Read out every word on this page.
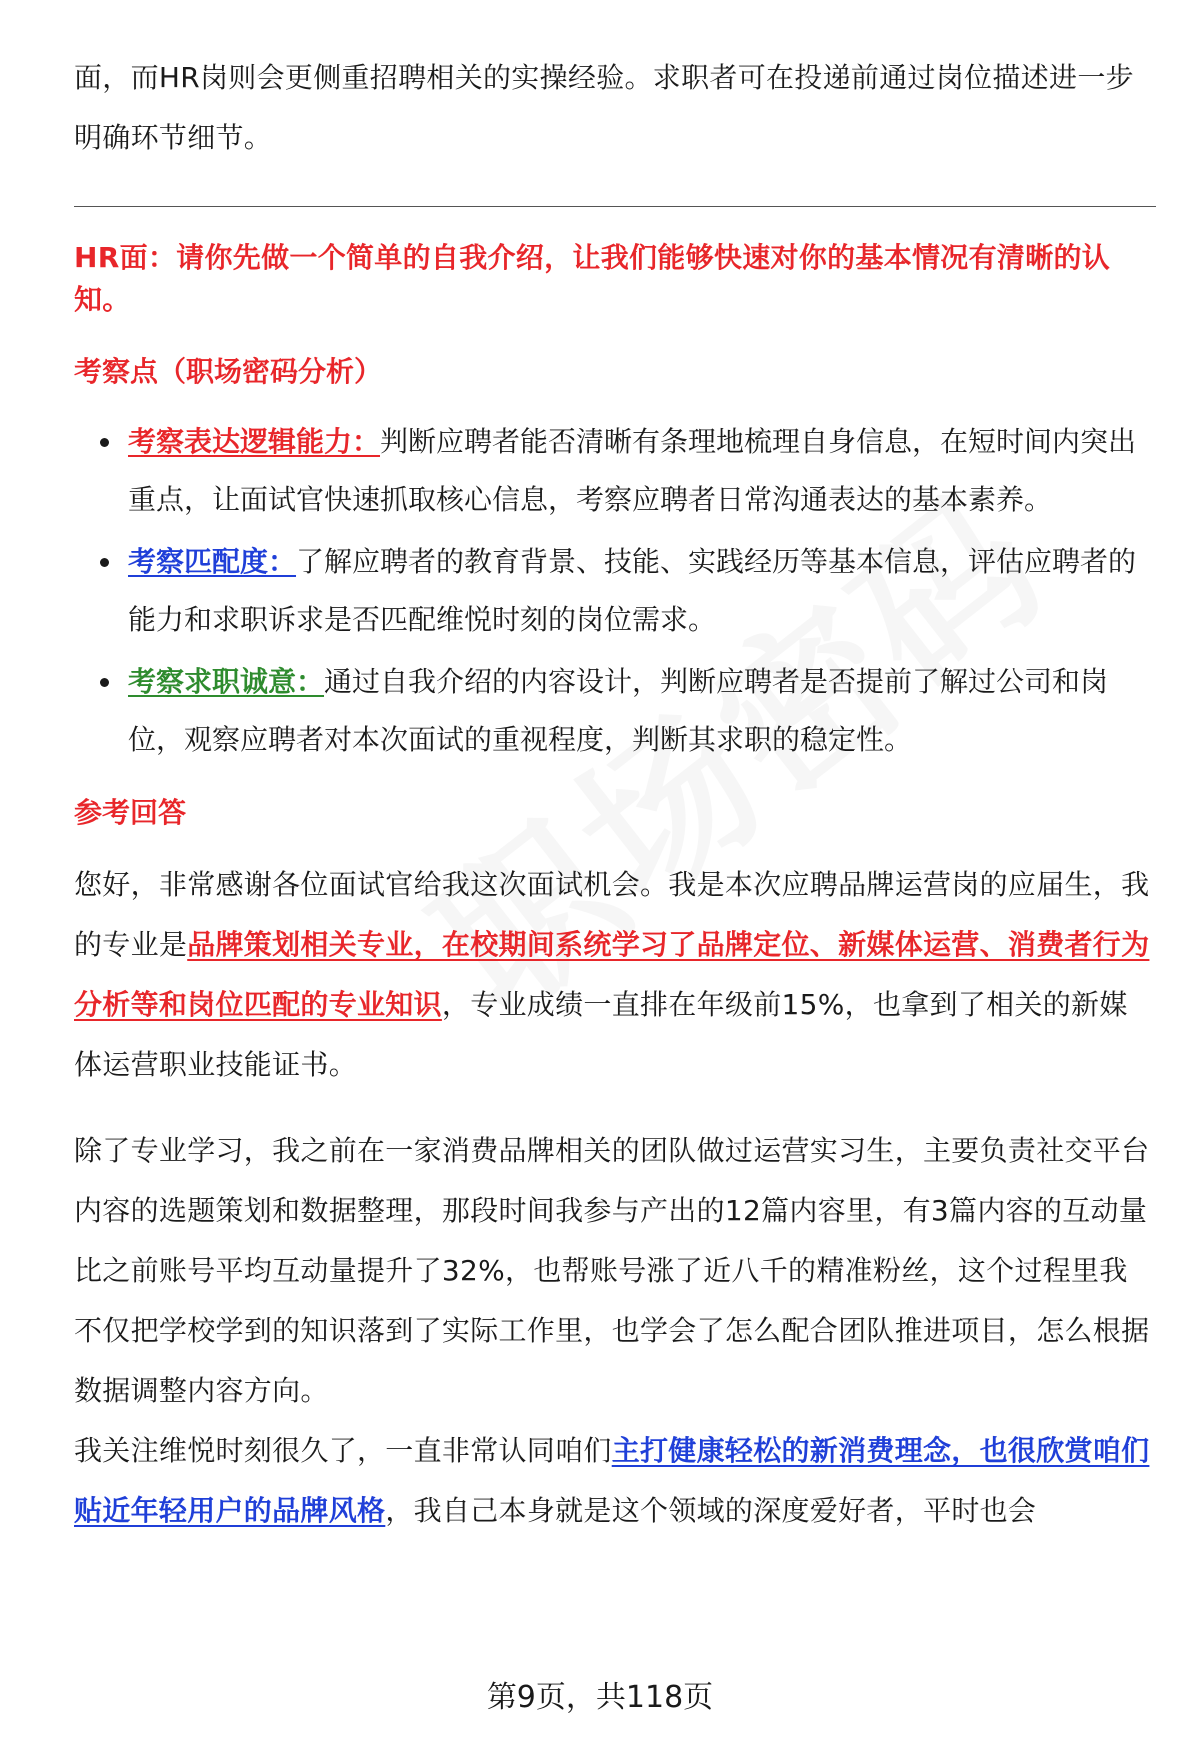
面，而HR岗则会更侧重招聘相关的实操经验。求职者可在投递前通过岗位描述进一步明确环节细节。

HR面：请你先做一个简单的自我介绍，让我们能够快速对你的基本情况有清晰的认知。

考察点（职场密码分析）
考察表达逻辑能力：判断应聘者能否清晰有条理地梳理自身信息，在短时间内突出重点，让面试官快速抓取核心信息，考察应聘者日常沟通表达的基本素养。
考察匹配度：了解应聘者的教育背景、技能、实践经历等基本信息，评估应聘者的能力和求职诉求是否匹配维悦时刻的岗位需求。
考察求职诚意：通过自我介绍的内容设计，判断应聘者是否提前了解过公司和岗位，观察应聘者对本次面试的重视程度，判断其求职的稳定性。
参考回答

您好，非常感谢各位面试官给我这次面试机会。我是本次应聘品牌运营岗的应届生，我的专业是品牌策划相关专业，在校期间系统学习了品牌定位、新媒体运营、消费者行为分析等和岗位匹配的专业知识，专业成绩一直排在年级前15%，也拿到了相关的新媒体运营职业技能证书。

除了专业学习，我之前在一家消费品牌相关的团队做过运营实习生，主要负责社交平台内容的选题策划和数据整理，那段时间我参与产出的12篇内容里，有3篇内容的互动量比之前账号平均互动量提升了32%，也帮账号涨了近八千的精准粉丝，这个过程里我不仅把学校学到的知识落到了实际工作里，也学会了怎么配合团队推进项目，怎么根据数据调整内容方向。

我关注维悦时刻很久了，一直非常认同咱们主打健康轻松的新消费理念，也很欣赏咱们贴近年轻用户的品牌风格，我自己本身就是这个领域的深度爱好者，平时也会

第9页，共118页
